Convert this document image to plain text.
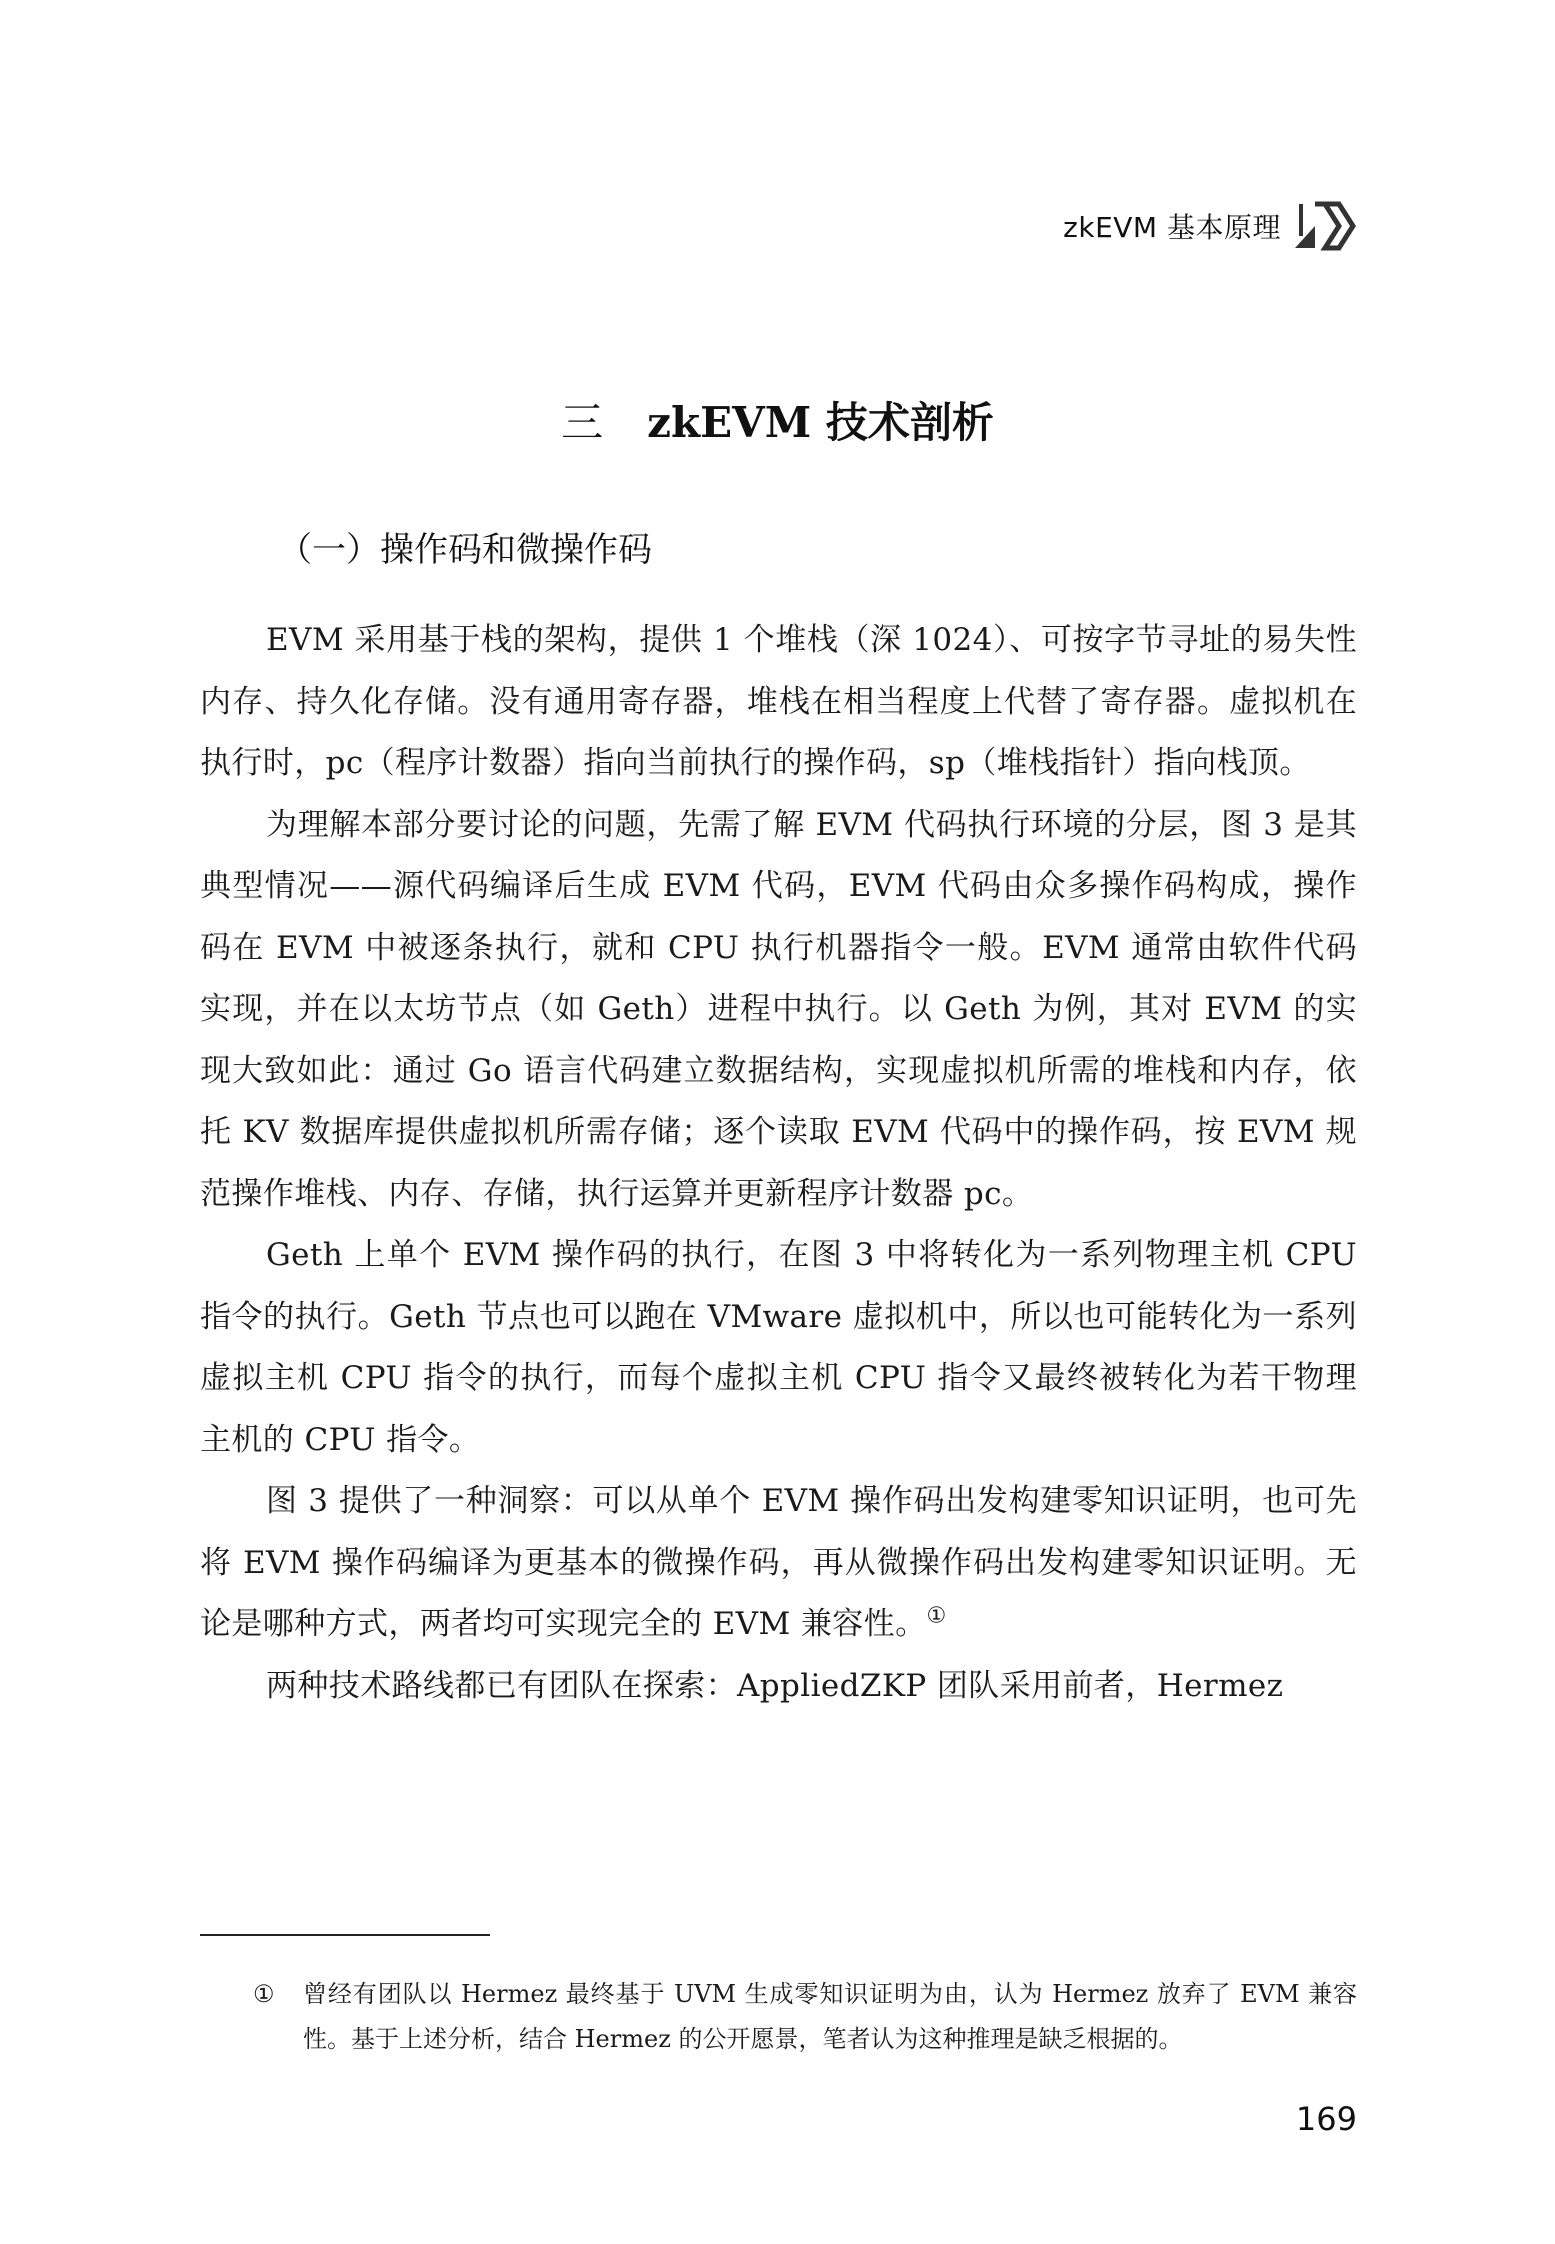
zkEVM 基本原理
三 zkEVM 技术剖析
（一）操作码和微操作码

EVM 采用基于栈的架构，提供 1 个堆栈（深 1024）、可按字节寻址的易失性内存、持久化存储。没有通用寄存器，堆栈在相当程度上代替了寄存器。虚拟机在执行时，pc（程序计数器）指向当前执行的操作码，sp（堆栈指针）指向栈顶。

为理解本部分要讨论的问题，先需了解 EVM 代码执行环境的分层，图 3 是其典型情况——源代码编译后生成 EVM 代码，EVM 代码由众多操作码构成，操作码在 EVM 中被逐条执行，就和 CPU 执行机器指令一般。EVM 通常由软件代码实现，并在以太坊节点（如 Geth）进程中执行。以 Geth 为例，其对 EVM 的实现大致如此：通过 Go 语言代码建立数据结构，实现虚拟机所需的堆栈和内存，依托 KV 数据库提供虚拟机所需存储；逐个读取 EVM 代码中的操作码，按 EVM 规范操作堆栈、内存、存储，执行运算并更新程序计数器 pc。

Geth 上单个 EVM 操作码的执行，在图 3 中将转化为一系列物理主机 CPU 指令的执行。Geth 节点也可以跑在 VMware 虚拟机中，所以也可能转化为一系列虚拟主机 CPU 指令的执行，而每个虚拟主机 CPU 指令又最终被转化为若干物理主机的 CPU 指令。

图 3 提供了一种洞察：可以从单个 EVM 操作码出发构建零知识证明，也可先将 EVM 操作码编译为更基本的微操作码，再从微操作码出发构建零知识证明。无论是哪种方式，两者均可实现完全的 EVM 兼容性。①

两种技术路线都已有团队在探索：AppliedZKP 团队采用前者，Hermez

①	曾经有团队以 Hermez 最终基于 UVM 生成零知识证明为由，认为 Hermez 放弃了 EVM 兼容性。基于上述分析，结合 Hermez 的公开愿景，笔者认为这种推理是缺乏根据的。
169
